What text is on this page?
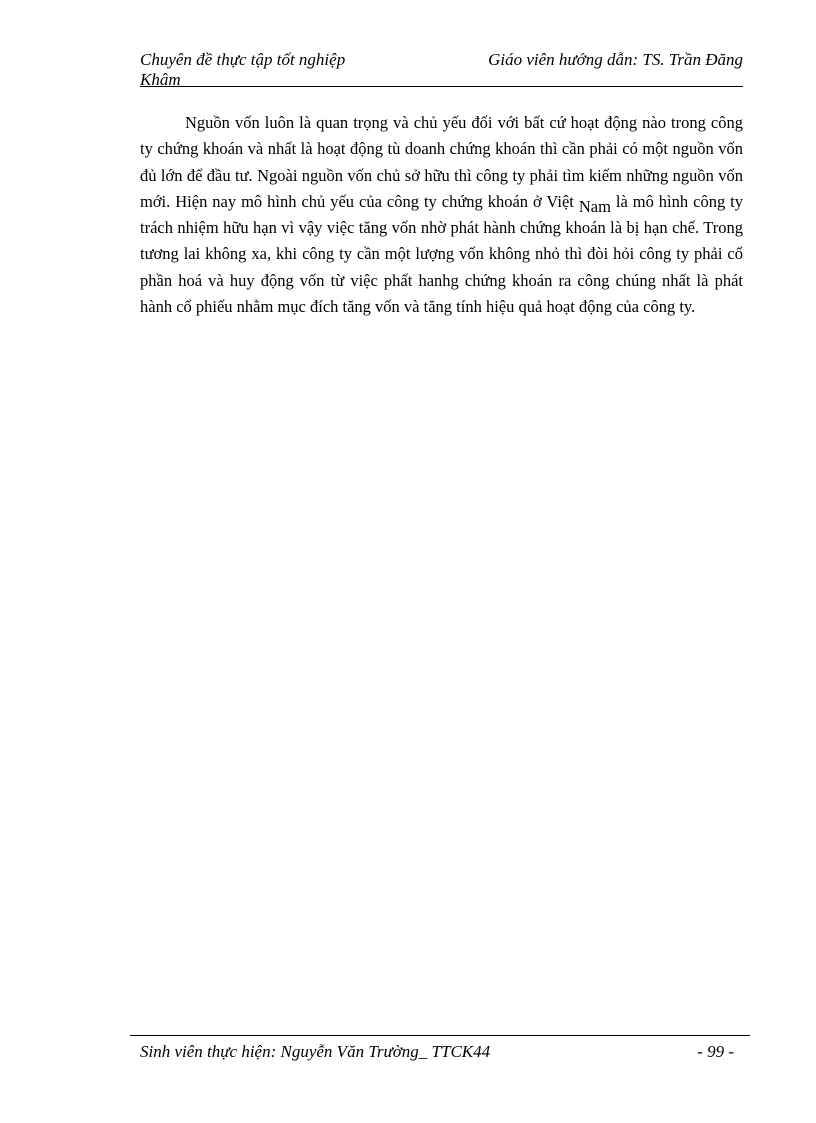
Chuyên đề thực tập tốt nghiệp	Giáo viên hướng dẫn: TS. Trần Đăng
Khâm

Nguồn vốn luôn là quan trọng và chủ yếu đối với bất cứ hoạt động nào trong công ty chứng khoán và nhất là hoạt động tù doanh chứng khoán thì cần phải có một nguồn vốn đủ lớn để đầu tư. Ngoài nguồn vốn chủ sở hữu thì công ty phải tìm kiếm những nguồn vốn mới. Hiện nay mô hình chủ yếu của công ty chứng khoán ở Việt Nam là mô hình công ty trách nhiệm hữu hạn vì vậy việc tăng vốn nhờ phát hành chứng khoán là bị hạn chế. Trong tương lai không xa, khi công ty cần một lượng vốn không nhỏ thì đòi hỏi công ty phải cổ phần hoá và huy động vốn từ việc phất hanhg chứng khoán ra công chúng nhất là phát hành cổ phiếu nhằm mục đích tăng vốn và tăng tính hiệu quả hoạt động của công ty.

Sinh viên thực hiện: Nguyễn Văn Trường_ TTCK44	- 99 -
